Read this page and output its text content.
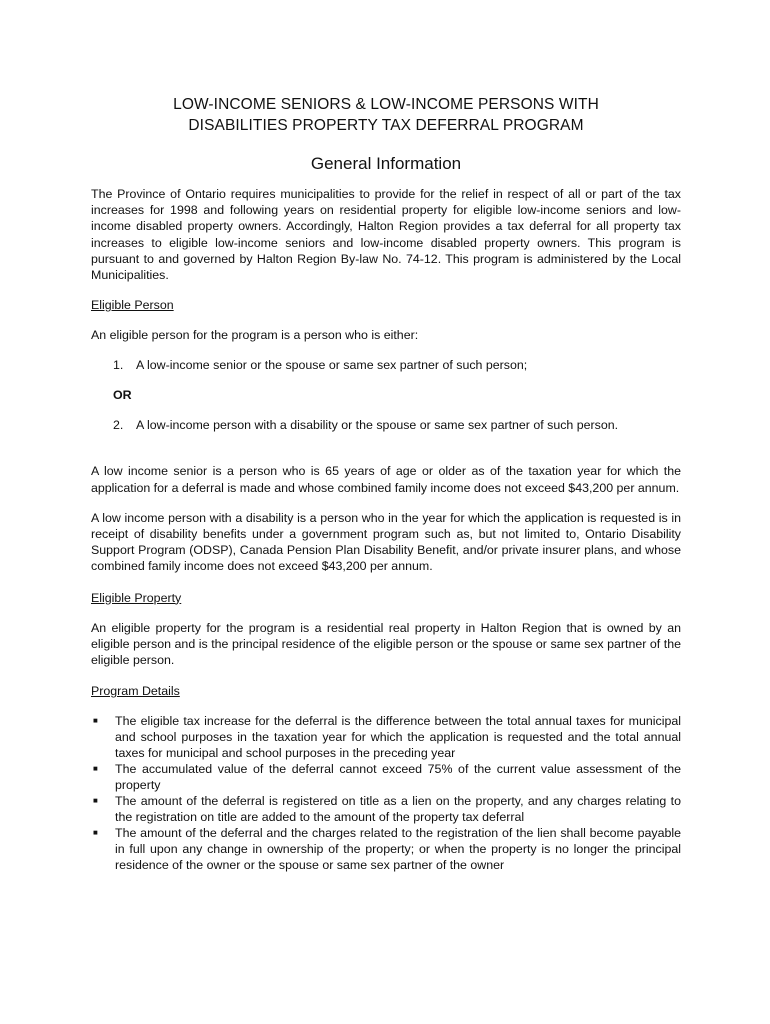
LOW-INCOME SENIORS & LOW-INCOME PERSONS WITH
DISABILITIES PROPERTY TAX DEFERRAL PROGRAM
General Information

The Province of Ontario requires municipalities to provide for the relief in respect of all or part of the tax increases for 1998 and following years on residential property for eligible low-income seniors and low-income disabled property owners. Accordingly, Halton Region provides a tax deferral for all property tax increases to eligible low-income seniors and low-income disabled property owners. This program is pursuant to and governed by Halton Region By-law No. 74-12. This program is administered by the Local Municipalities.

Eligible Person

An eligible person for the program is a person who is either:

1.	A low-income senior or the spouse or same sex partner of such person;
OR
2.	A low-income person with a disability or the spouse or same sex partner of such person.

A low income senior is a person who is 65 years of age or older as of the taxation year for which the application for a deferral is made and whose combined family income does not exceed $43,200 per annum.

A low income person with a disability is a person who in the year for which the application is requested is in receipt of disability benefits under a government program such as, but not limited to, Ontario Disability Support Program (ODSP), Canada Pension Plan Disability Benefit, and/or private insurer plans, and whose combined family income does not exceed $43,200 per annum.

Eligible Property

An eligible property for the program is a residential real property in Halton Region that is owned by an eligible person and is the principal residence of the eligible person or the spouse or same sex partner of the eligible person.

Program Details
■	The eligible tax increase for the deferral is the difference between the total annual taxes for municipal and school purposes in the taxation year for which the application is requested and the total annual taxes for municipal and school purposes in the preceding year
■	The accumulated value of the deferral cannot exceed 75% of the current value assessment of the property
■	The amount of the deferral is registered on title as a lien on the property, and any charges relating to the registration on title are added to the amount of the property tax deferral
■	The amount of the deferral and the charges related to the registration of the lien shall become payable in full upon any change in ownership of the property; or when the property is no longer the principal residence of the owner or the spouse or same sex partner of the owner
